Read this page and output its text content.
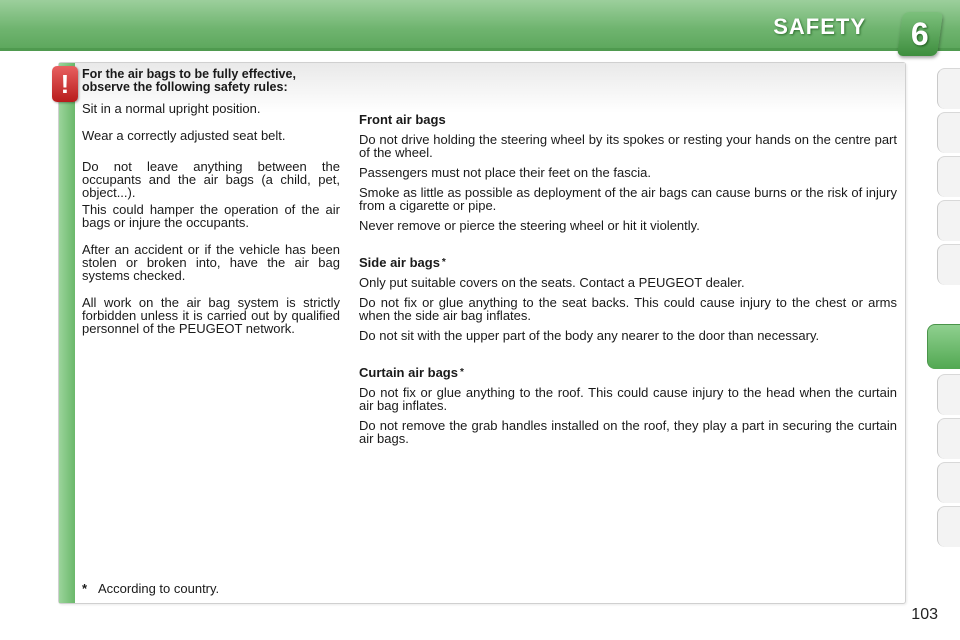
SAFETY 6
! For the air bags to be fully effective, observe the following safety rules:

Sit in a normal upright position.

Wear a correctly adjusted seat belt.

Do not leave anything between the occupants and the air bags (a child, pet, object...).

This could hamper the operation of the air bags or injure the occupants.

After an accident or if the vehicle has been stolen or broken into, have the air bag systems checked.

All work on the air bag system is strictly forbidden unless it is carried out by qualified personnel of the PEUGEOT network.

Front air bags

Do not drive holding the steering wheel by its spokes or resting your hands on the centre part of the wheel.

Passengers must not place their feet on the fascia.

Smoke as little as possible as deployment of the air bags can cause burns or the risk of injury from a cigarette or pipe.

Never remove or pierce the steering wheel or hit it violently.

Side air bags *

Only put suitable covers on the seats. Contact a PEUGEOT dealer.

Do not fix or glue anything to the seat backs. This could cause injury to the chest or arms when the side air bag inflates.

Do not sit with the upper part of the body any nearer to the door than necessary.

Curtain air bags *

Do not fix or glue anything to the roof. This could cause injury to the head when the curtain air bag inflates.

Do not remove the grab handles installed on the roof, they play a part in securing the curtain air bags.

* According to country.
103
